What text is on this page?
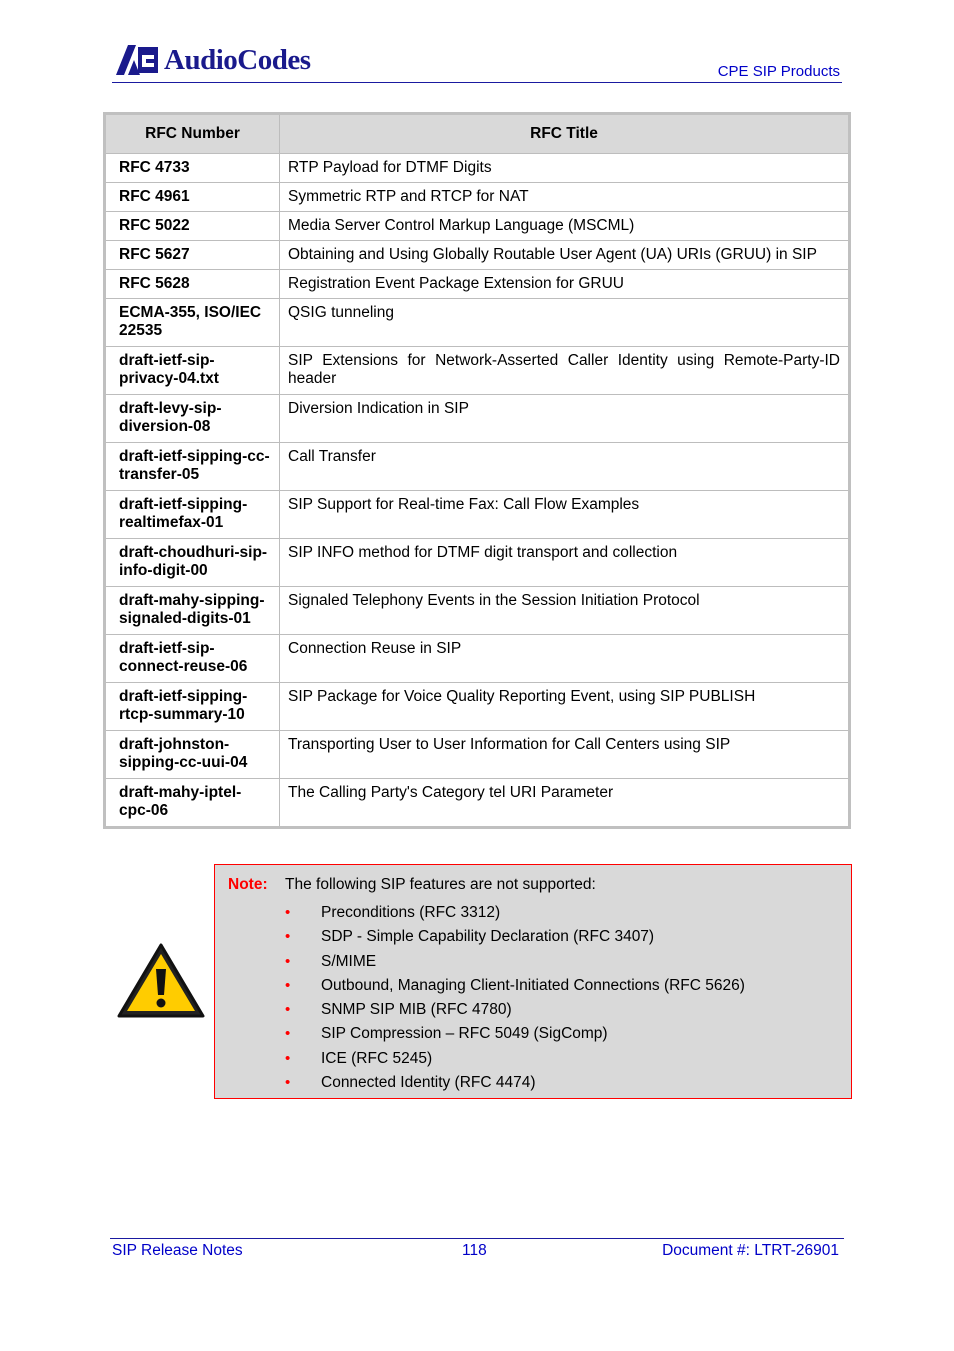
AudioCodes	CPE SIP Products
RFC Number	RFC Title

RFC 4733	RTP Payload for DTMF Digits

RFC 4961	Symmetric RTP and RTCP for NAT

RFC 5022	Media Server Control Markup Language (MSCML)

RFC 5627	Obtaining and Using Globally Routable User Agent (UA) URIs (GRUU) in SIP

RFC 5628	Registration Event Package Extension for GRUU

ECMA-355, ISO/IEC 22535	QSIG tunneling

draft-ietf-sip-privacy-04.txt	SIP Extensions for Network-Asserted Caller Identity using Remote-Party-ID header

draft-levy-sip-diversion-08	Diversion Indication in SIP

draft-ietf-sipping-cc-transfer-05	Call Transfer

draft-ietf-sipping-realtimefax-01	SIP Support for Real-time Fax: Call Flow Examples

draft-choudhuri-sip-info-digit-00	SIP INFO method for DTMF digit transport and collection

draft-mahy-sipping-signaled-digits-01	Signaled Telephony Events in the Session Initiation Protocol

draft-ietf-sip-connect-reuse-06	Connection Reuse in SIP

draft-ietf-sipping-rtcp-summary-10	SIP Package for Voice Quality Reporting Event, using SIP PUBLISH

draft-johnston-sipping-cc-uui-04	Transporting User to User Information for Call Centers using SIP

draft-mahy-iptel-cpc-06	The Calling Party's Category tel URI Parameter
Note: The following SIP features are not supported:
• Preconditions (RFC 3312)
• SDP - Simple Capability Declaration (RFC 3407)
• S/MIME
• Outbound, Managing Client-Initiated Connections (RFC 5626)
• SNMP SIP MIB (RFC 4780)
• SIP Compression – RFC 5049 (SigComp)
• ICE (RFC 5245)
• Connected Identity (RFC 4474)
SIP Release Notes	118	Document #: LTRT-26901
